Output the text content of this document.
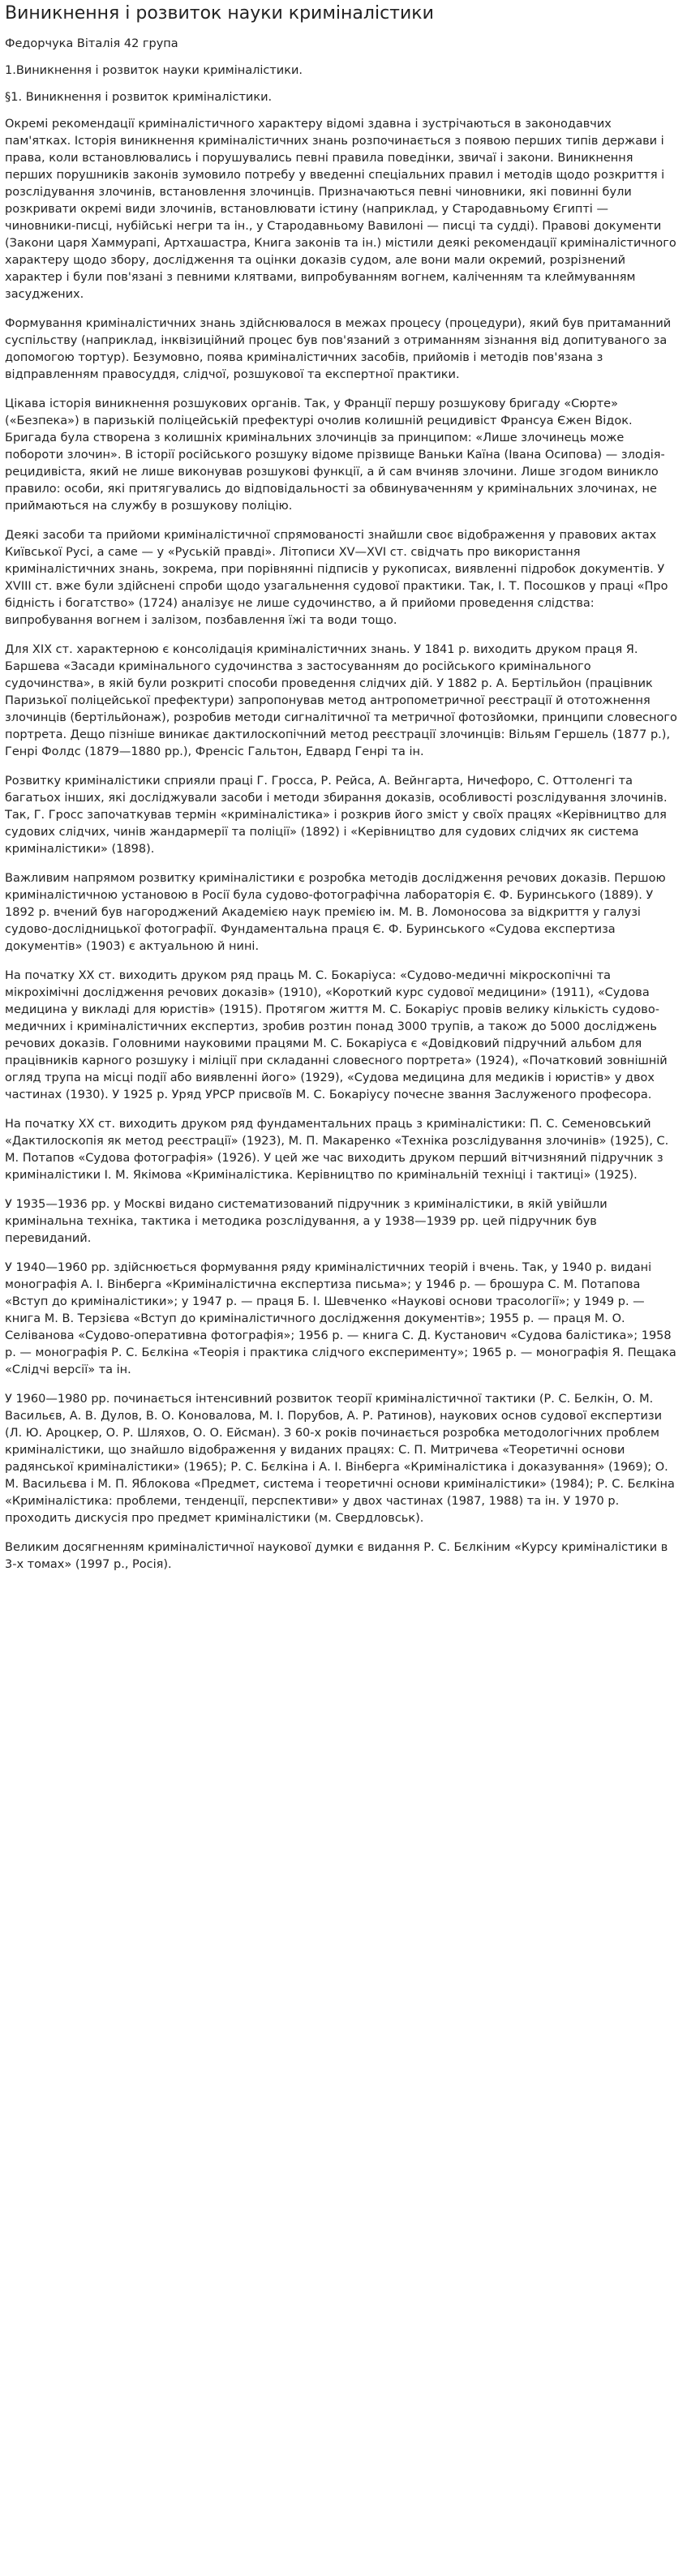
Виникнення і розвиток науки криміналістики
Федорчука Віталія 42 група
1.Виникнення і розвиток науки криміналістики.
§1. Виникнення і розвиток криміналістики.

Окремі рекомендації криміналістичного характеру відомі здавна і зустрічаються в законодавчих пам'ятках. Історія виникнення криміналістичних знань розпочинається з появою перших типів держави і права, коли встановлювались і порушувались певні правила поведінки, звичаї і закони. Виникнення перших порушників законів зумовило потребу у введенні спеціальних правил і методів щодо розкриття і розслідування злочинів, встановлення злочинців. Призначаються певні чиновники, які повинні були розкривати окремі види злочинів, встановлювати істину (наприклад, у Стародавньому Єгипті — чиновники-писці, нубійські негри та ін., у Стародавньому Вавилоні — писці та судді). Правові документи (Закони царя Хаммурапі, Артхашастра, Книга законів та ін.) містили деякі рекомендації криміналістичного характеру щодо збору, дослідження та оцінки доказів судом, але вони мали окремий, розрізнений характер і були пов'язані з певними клятвами, випробуванням вогнем, каліченням та клеймуванням засуджених.

Формування криміналістичних знань здійснювалося в межах процесу (процедури), який був притаманний суспільству (наприклад, інквізиційний процес був пов'язаний з отриманням зізнання від допитуваного за допомогою тортур). Безумовно, поява криміналістичних засобів, прийомів і методів пов'язана з відправленням правосуддя, слідчої, розшукової та експертної практики.

Цікава історія виникнення розшукових органів. Так, у Франції першу розшукову бригаду «Сюрте» («Безпека») в паризькій поліцейській префектурі очолив колишній рецидивіст Франсуа Єжен Відок. Бригада була створена з колишніх кримінальних злочинців за принципом: «Лише злочинець може побороти злочин». В історії російського розшуку відоме прізвище Ваньки Каїна (Івана Осипова) — злодія-рецидивіста, який не лише виконував розшукові функції, а й сам вчиняв злочини. Лише згодом виникло правило: особи, які притягувались до відповідальності за обвинуваченням у кримінальних злочинах, не приймаються на службу в розшукову поліцію.

Деякі засоби та прийоми криміналістичної спрямованості знайшли своє відображення у правових актах Київської Русі, а саме — у «Руській правді». Літописи XV—XVI ст. свідчать про використання криміналістичних знань, зокрема, при порівнянні підписів у рукописах, виявленні підробок документів. У XVIII ст. вже були здійснені спроби щодо узагальнення судової практики. Так, І. Т. Посошков у праці «Про бідність і богатство» (1724) аналізує не лише судочинство, а й прийоми проведення слідства: випробування вогнем і залізом, позбавлення їжі та води тощо.

Для XIX ст. характерною є консолідація криміналістичних знань. У 1841 р. виходить друком праця Я. Баршева «Засади кримінального судочинства з застосуванням до російського кримінального судочинства», в якій були розкриті способи проведення слідчих дій. У 1882 р. А. Бертільйон (працівник Паризької поліцейської префектури) запропонував метод антропометричної реєстрації й ототожнення злочинців (бертільйонаж), розробив методи сигналітичної та метричної фотозйомки, принципи словесного портрета. Дещо пізніше виникає дактилоскопічний метод реєстрації злочинців: Вільям Гершель (1877 р.), Генрі Фолдс (1879—1880 рр.), Френсіс Гальтон, Едвард Генрі та ін.

Розвитку криміналістики сприяли праці Г. Гросса, Р. Рейса, А. Вейнгарта, Ничефоро, С. Оттоленгі та багатьох інших, які досліджували засоби і методи збирання доказів, особливості розслідування злочинів. Так, Г. Гросс започаткував термін «криміналістика» і розкрив його зміст у своїх працях «Керівництво для судових слідчих, чинів жандармерії та поліції» (1892) і «Керівництво для судових слідчих як система криміналістики» (1898).

Важливим напрямом розвитку криміналістики є розробка методів дослідження речових доказів. Першою криміналістичною установою в Росії була судово-фотографічна лабораторія Є. Ф. Буринського (1889). У 1892 р. вчений був нагороджений Академією наук премією ім. М. В. Ломоносова за відкриття у галузі судово-дослідницької фотографії. Фундаментальна праця Є. Ф. Буринського «Судова експертиза документів» (1903) є актуальною й нині.

На початку XX ст. виходить друком ряд праць М. С. Бокаріуса: «Судово-медичні мікроскопічні та мікрохімічні дослідження речових доказів» (1910), «Короткий курс судової медицини» (1911), «Судова медицина у викладі для юристів» (1915). Протягом життя М. С. Бокаріус провів велику кількість судово-медичних і криміналістичних експертиз, зробив розтин понад 3000 трупів, а також до 5000 досліджень речових доказів. Головними науковими працями М. С. Бокаріуса є «Довідковий підручний альбом для працівників карного розшуку і міліції при складанні словесного портрета» (1924), «Початковий зовнішній огляд трупа на місці події або виявленні його» (1929), «Судова медицина для медиків і юристів» у двох частинах (1930). У 1925 р. Уряд УРСР присвоїв М. С. Бокаріусу почесне звання Заслуженого професора.

На початку XX ст. виходить друком ряд фундаментальних праць з криміналістики: П. С. Семеновський «Дактилоскопія як метод реєстрації» (1923), М. П. Макаренко «Техніка розслідування злочинів» (1925), С. М. Потапов «Судова фотографія» (1926). У цей же час виходить друком перший вітчизняний підручник з криміналістики І. М. Якімова «Криміналістика. Керівництво по кримінальній техніці і тактиці» (1925).

У 1935—1936 рр. у Москві видано систематизований підручник з криміналістики, в якій увійшли кримінальна техніка, тактика і методика розслідування, а у 1938—1939 рр. цей підручник був перевиданий.

У 1940—1960 рр. здійснюється формування ряду криміналістичних теорій і вчень. Так, у 1940 р. видані монографія А. І. Вінберга «Криміналістична експертиза письма»; у 1946 р. — брошура С. М. Потапова «Вступ до криміналістики»; у 1947 р. — праця Б. І. Шевченко «Наукові основи трасології»; у 1949 р. — книга М. В. Терзієва «Вступ до криміналістичного дослідження документів»; 1955 р. — праця М. О. Селіванова «Судово-оперативна фотографія»; 1956 р. — книга С. Д. Кустанович «Судова балістика»; 1958 р. — монографія Р. С. Бєлкіна «Теорія і практика слідчого експерименту»; 1965 р. — монографія Я. Пещака «Слідчі версії» та ін.

У 1960—1980 рр. починається інтенсивний розвиток теорії криміналістичної тактики (Р. С. Белкін, О. М. Васильєв, А. В. Дулов, В. О. Коновалова, М. І. Порубов, А. Р. Ратинов), наукових основ судової експертизи (Л. Ю. Ароцкер, О. Р. Шляхов, О. О. Ейсман). З 60-х років починається розробка методологічних проблем криміналістики, що знайшло відображення у виданих працях: С. П. Митричева «Теоретичні основи радянської криміналістики» (1965); Р. С. Бєлкіна і А. І. Вінберга «Криміналістика і доказування» (1969); О. М. Васильєва і М. П. Яблокова «Предмет, система і теоретичні основи криміналістики» (1984); Р. С. Бєлкіна «Криміналістика: проблеми, тенденції, перспективи» у двох частинах (1987, 1988) та ін. У 1970 р. проходить дискусія про предмет криміналістики (м. Свердловськ).

Великим досягненням криміналістичної наукової думки є видання Р. С. Бєлкіним «Курсу криміналістики в 3-х томах» (1997 р., Росія).
